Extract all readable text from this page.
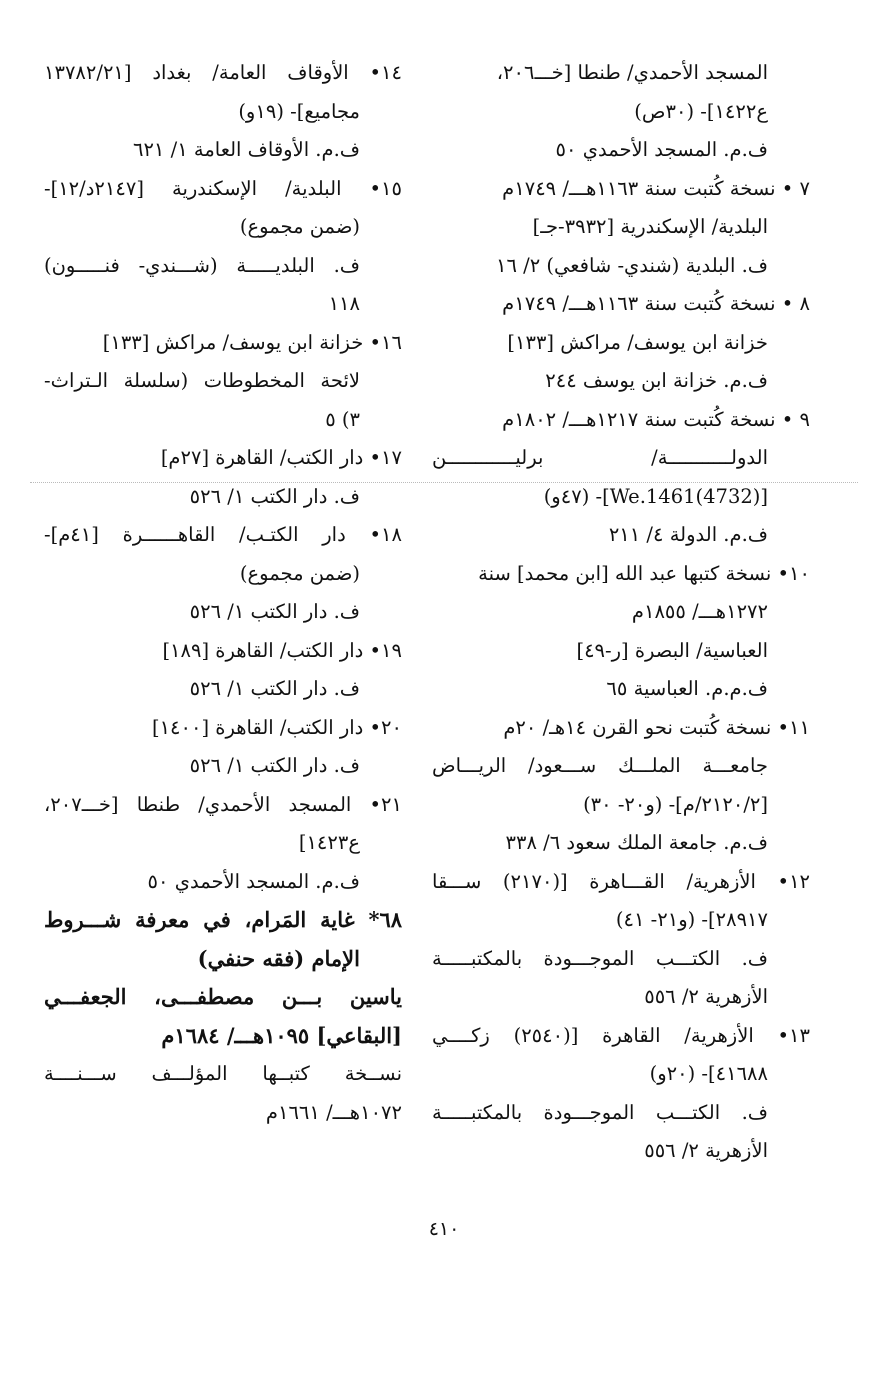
المسجد الأحمدي/ طنطا [خـــ٢٠٦،
ع١٤٢٢]- (٣٠ص)
ف.م. المسجد الأحمدي ٥٠
٧ • نسخة كُتبت سنة ١١٦٣هـــ/ ١٧٤٩م
البلدية/ الإسكندرية [٣٩٣٢-جـ]
ف. البلدية (شندي- شافعي) ٢/ ١٦
٨ • نسخة كُتبت سنة ١١٦٣هـــ/ ١٧٤٩م
خزانة ابن يوسف/ مراكش [١٣٣]
ف.م. خزانة ابن يوسف ٢٤٤
٩ • نسخة كُتبت سنة ١٢١٧هـــ/ ١٨٠٢م
الدولـــــــــــة/ برليــــــــــــن
[(4732)We.1461]- (٤٧و)
ف.م. الدولة ٤/ ٢١١
١٠• نسخة كتبها عبد الله [ابن محمد] سنة
١٢٧٢هـــ/ ١٨٥٥م
العباسية/ البصرة [ر-٤٩]
ف.م.م. العباسية ٦٥
١١• نسخة كُتبت نحو القرن ١٤هـ/ ٢٠م
جامعـــة الملـــك ســـعود/ الريـــاض
[٢١٢٠/٢/م]- (و٢٠- ٣٠)
ف.م. جامعة الملك سعود ٦/ ٣٣٨
١٢• الأزهرية/ القـــاهرة [(٢١٧٠) ســـقا
٢٨٩١٧]- (و٢١- ٤١)
ف. الكتـــب الموجـــودة بالمكتبـــــة
الأزهرية ٢/ ٥٥٦
١٣• الأزهرية/ القاهرة [(٢٥٤٠) زكــــي
٤١٦٨٨]- (٢٠و)
ف. الكتـــب الموجـــودة بالمكتبـــــة
الأزهرية ٢/ ٥٥٦
١٤• الأوقاف العامة/ بغداد [١٣٧٨٢/٢١
مجاميع]- (١٩و)
ف.م. الأوقاف العامة ١/ ٦٢١
١٥• البلدية/ الإسكندرية [٢١٤٧د/١٢]-
(ضمن مجموع)
ف. البلديـــــة (شـــندي- فنـــــون)
١١٨
١٦• خزانة ابن يوسف/ مراكش [١٣٣]
لائحة المخطوطات (سلسلة الـتراث-
٣) ٥
١٧• دار الكتب/ القاهرة [٢٧م]
ف. دار الكتب ١/ ٥٢٦
١٨• دار الكتـب/ القاهــــــرة [٤١م]-
(ضمن مجموع)
ف. دار الكتب ١/ ٥٢٦
١٩• دار الكتب/ القاهرة [١٨٩]
ف. دار الكتب ١/ ٥٢٦
٢٠• دار الكتب/ القاهرة [١٤٠٠]
ف. دار الكتب ١/ ٥٢٦
٢١• المسجد الأحمدي/ طنطا [خـــ٢٠٧،
ع١٤٢٣]
ف.م. المسجد الأحمدي ٥٠
٦٨* غاية المَرام، في معرفة شـــروط
الإمام (فقه حنفي)
ياسين بـــن مصطفـــى، الجعفـــي
[البقاعي] ١٠٩٥هـــ/ ١٦٨٤م
نســخة كتبــها المؤلـــف ســـنــــة
١٠٧٢هـــ/ ١٦٦١م
٤١٠
